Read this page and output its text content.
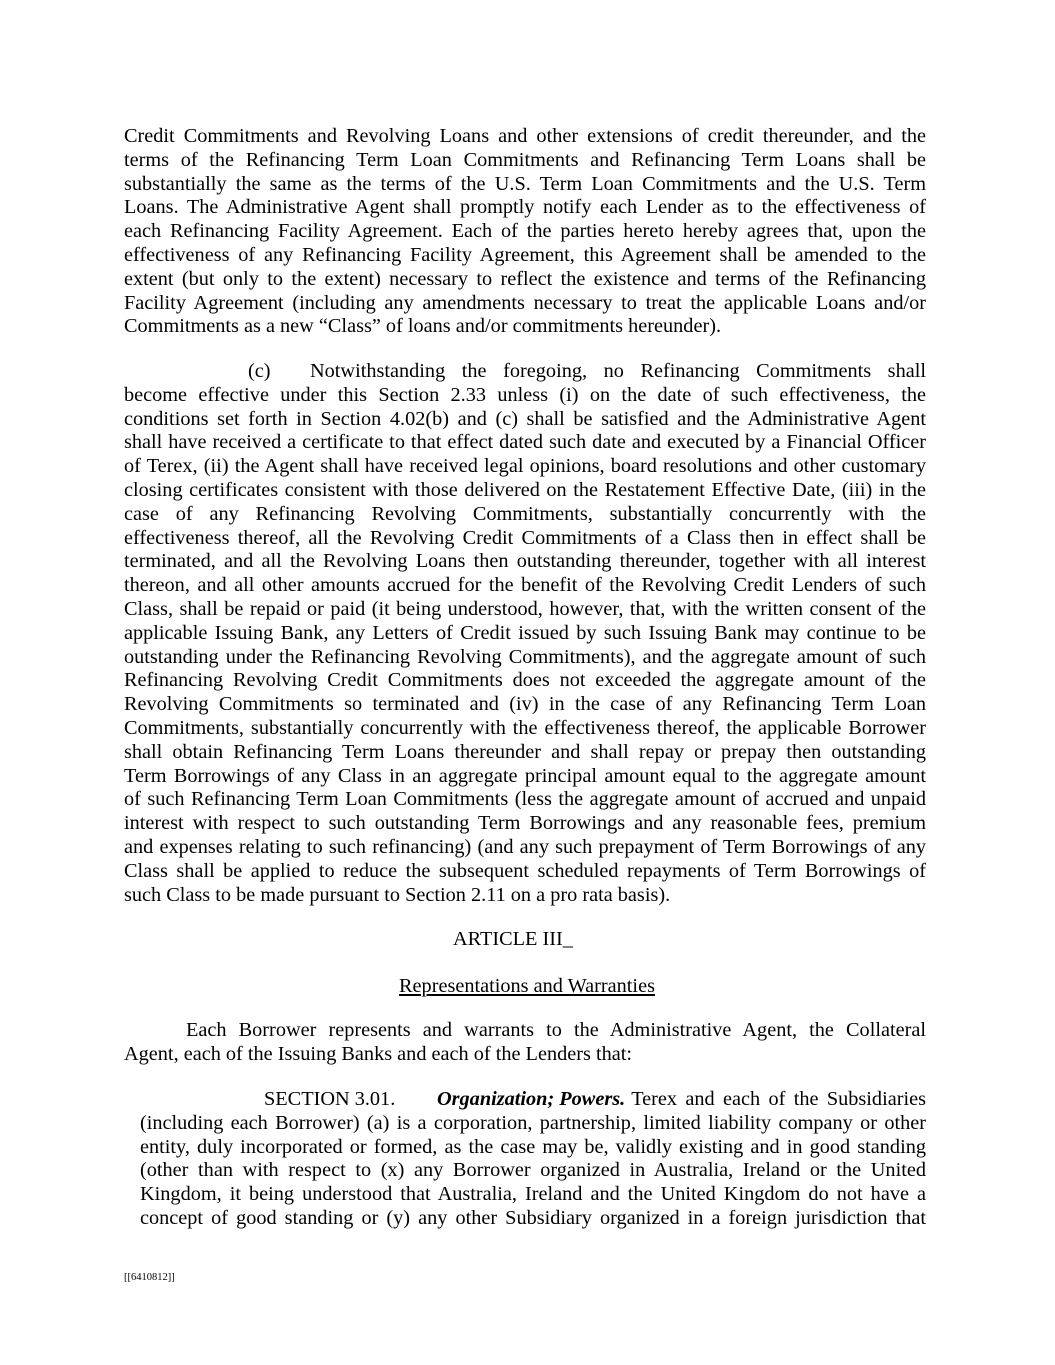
Credit Commitments and Revolving Loans and other extensions of credit thereunder, and the
terms of the Refinancing Term Loan Commitments and Refinancing Term Loans shall be
substantially the same as the terms of the U.S. Term Loan Commitments and the U.S. Term
Loans. The Administrative Agent shall promptly notify each Lender as to the effectiveness of
each Refinancing Facility Agreement. Each of the parties hereto hereby agrees that, upon the
effectiveness of any Refinancing Facility Agreement, this Agreement shall be amended to the
extent (but only to the extent) necessary to reflect the existence and terms of the Refinancing
Facility Agreement (including any amendments necessary to treat the applicable Loans and/or
Commitments as a new “Class” of loans and/or commitments hereunder).
(c)	Notwithstanding the foregoing, no Refinancing Commitments shall
become effective under this Section 2.33 unless (i) on the date of such effectiveness, the
conditions set forth in Section 4.02(b) and (c) shall be satisfied and the Administrative Agent
shall have received a certificate to that effect dated such date and executed by a Financial Officer
of Terex, (ii) the Agent shall have received legal opinions, board resolutions and other customary
closing certificates consistent with those delivered on the Restatement Effective Date, (iii) in the
case of any Refinancing Revolving Commitments, substantially concurrently with the
effectiveness thereof, all the Revolving Credit Commitments of a Class then in effect shall be
terminated, and all the Revolving Loans then outstanding thereunder, together with all interest
thereon, and all other amounts accrued for the benefit of the Revolving Credit Lenders of such
Class, shall be repaid or paid (it being understood, however, that, with the written consent of the
applicable Issuing Bank, any Letters of Credit issued by such Issuing Bank may continue to be
outstanding under the Refinancing Revolving Commitments), and the aggregate amount of such
Refinancing Revolving Credit Commitments does not exceeded the aggregate amount of the
Revolving Commitments so terminated and (iv) in the case of any Refinancing Term Loan
Commitments, substantially concurrently with the effectiveness thereof, the applicable Borrower
shall obtain Refinancing Term Loans thereunder and shall repay or prepay then outstanding
Term Borrowings of any Class in an aggregate principal amount equal to the aggregate amount
of such Refinancing Term Loan Commitments (less the aggregate amount of accrued and unpaid
interest with respect to such outstanding Term Borrowings and any reasonable fees, premium
and expenses relating to such refinancing) (and any such prepayment of Term Borrowings of any
Class shall be applied to reduce the subsequent scheduled repayments of Term Borrowings of
such Class to be made pursuant to Section 2.11 on a pro rata basis).
ARTICLE III_
Representations and Warranties
Each Borrower represents and warrants to the Administrative Agent, the Collateral
Agent, each of the Issuing Banks and each of the Lenders that:
SECTION 3.01.	Organization; Powers. Terex and each of the Subsidiaries
(including each Borrower) (a) is a corporation, partnership, limited liability company or other
entity, duly incorporated or formed, as the case may be, validly existing and in good standing
(other than with respect to (x) any Borrower organized in Australia, Ireland or the United
Kingdom, it being understood that Australia, Ireland and the United Kingdom do not have a
concept of good standing or (y) any other Subsidiary organized in a foreign jurisdiction that
[[6410812]]
